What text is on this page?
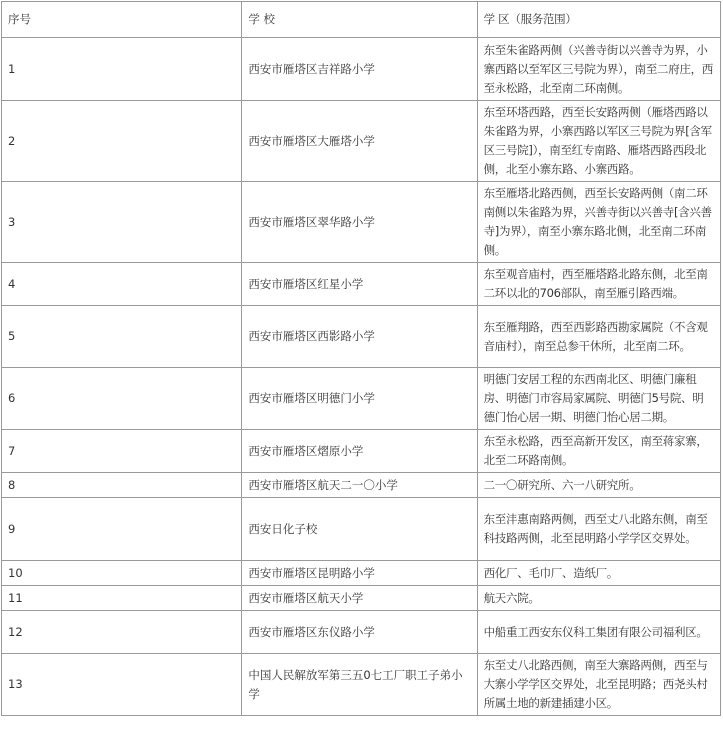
序号	学 校	学 区（服务范围）
1	西安市雁塔区吉祥路小学	东至朱雀路两侧（兴善寺街以兴善寺为界，小寨西路以至军区三号院为界），南至二府庄，西至永松路，北至南二环南侧。
2	西安市雁塔区大雁塔小学	东至环塔西路，西至长安路两侧（雁塔西路以朱雀路为界，小寨西路以军区三号院为界[含军区三号院]），南至红专南路、雁塔西路西段北侧，北至小寨东路、小寨西路。
3	西安市雁塔区翠华路小学	东至雁塔北路西侧，西至长安路两侧（南二环南侧以朱雀路为界，兴善寺街以兴善寺[含兴善寺]为界），南至小寨东路北侧，北至南二环南侧。
4	西安市雁塔区红星小学	东至观音庙村，西至雁塔路北路东侧，北至南二环以北的706部队，南至雁引路西端。
5	西安市雁塔区西影路小学	东至雁翔路，西至西影路西勘家属院（不含观音庙村），南至总参干休所，北至南二环。
6	西安市雁塔区明德门小学	明德门安居工程的东西南北区、明德门廉租房、明德门市容局家属院、明德门5号院、明德门怡心居一期、明德门怡心居二期。
7	西安市雁塔区熠原小学	东至永松路，西至高新开发区，南至蒋家寨，北至二环路南侧。
8	西安市雁塔区航天二一〇小学	二一〇研究所、六一八研究所。
9	西安日化子校	东至沣惠南路两侧，西至丈八北路东侧，南至科技路两侧，北至昆明路小学学区交界处。
10	西安市雁塔区昆明路小学	西化厂、毛巾厂、造纸厂。
11	西安市雁塔区航天小学	航天六院。
12	西安市雁塔区东仪路小学	中船重工西安东仪科工集团有限公司福利区。
13	中国人民解放军第三五0七工厂职工子弟小学	东至丈八北路西侧，南至大寨路两侧，西至与大寨小学学区交界处，北至昆明路；西尧头村所属土地的新建插建小区。
